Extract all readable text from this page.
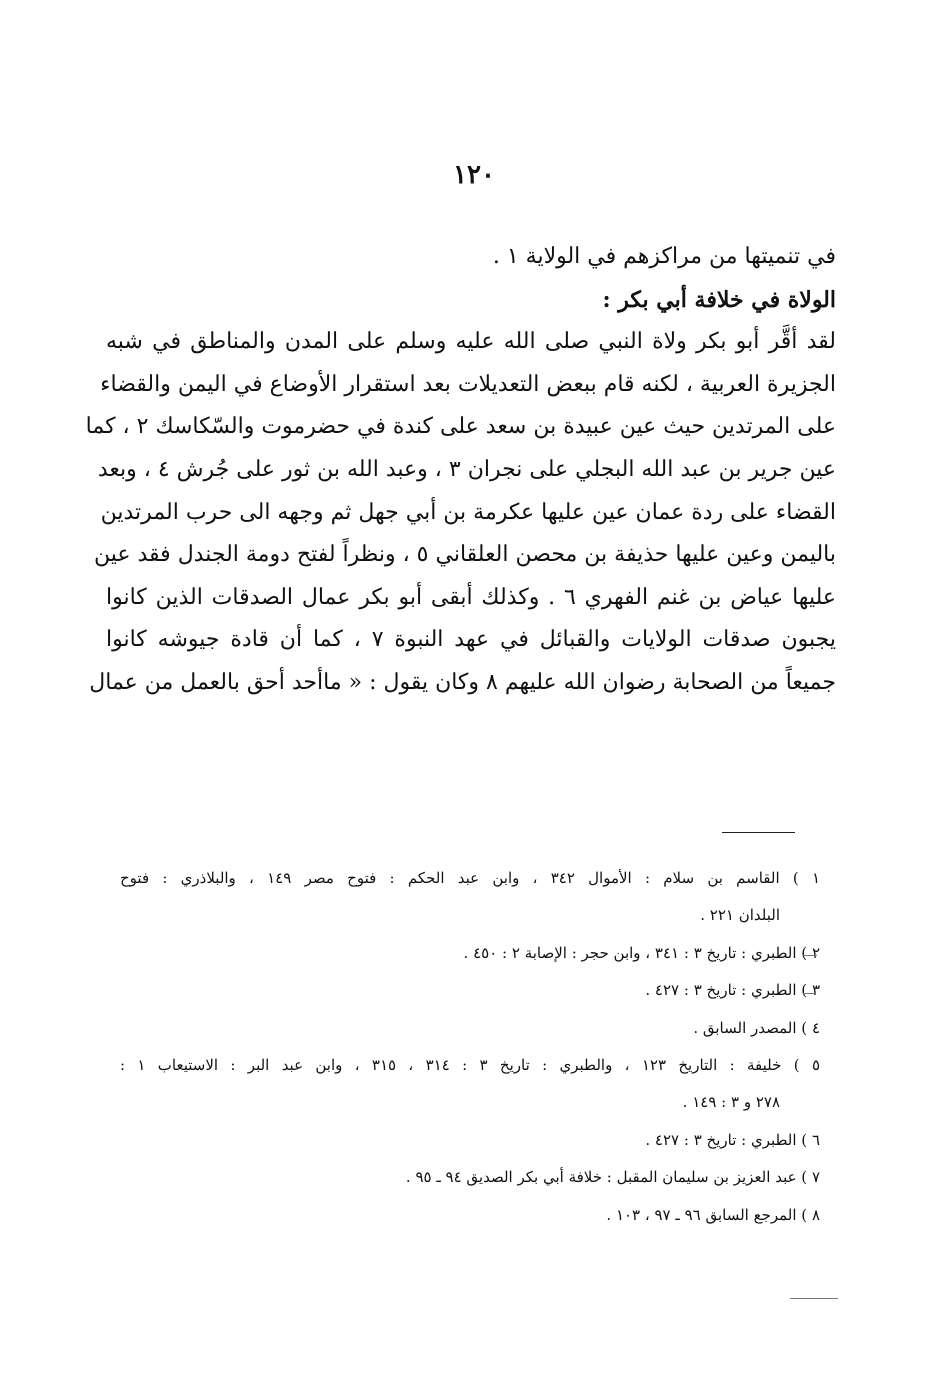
١٢٠
في تنميتها من مراكزهم في الولاية ١ .
الولاة في خلافة أبي بكر :
لقد أقَّر أبو بكر ولاة النبي صلى الله عليه وسلم على المدن والمناطق في شبه
الجزيرة العربية ، لكنه قام ببعض التعديلات بعد استقرار الأوضاع في اليمن والقضاء
على المرتدين حيث عين عبيدة بن سعد على كندة في حضرموت والسّكاسك ٢ ، كما
عين جرير بن عبد الله البجلي على نجران ٣ ، وعبد الله بن ثور على جُرش ٤ ، وبعد
القضاء على ردة عمان عين عليها عكرمة بن أبي جهل ثم وجهه الى حرب المرتدين
باليمن وعين عليها حذيفة بن محصن العلقاني ٥ ، ونظراً لفتح دومة الجندل فقد عين
عليها عياض بن غنم الفهري ٦ . وكذلك أبقى أبو بكر عمال الصدقات الذين كانوا
يجبون صدقات الولايات والقبائل في عهد النبوة ٧ ، كما أن قادة جيوشه كانوا
جميعاً من الصحابة رضوان الله عليهم ٨ وكان يقول : « ماأحد أحق بالعمل من عمال
١ ) القاسم بن سلام : الأموال ٣٤٢ ، وابن عبد الحكم : فتوح مصر ١٤٩ ، والبلاذري : فتوح
البلدان ٢٢١ .
٢ ) الطبري : تاريخ ٣ : ٣٤١ ، وابن حجر : الإصابة ٢ : ٤٥٠ .
٣ ) الطبري : تاريخ ٣ : ٤٢٧ .
٤ ) المصدر السابق .
٥ ) خليفة : التاريخ ١٢٣ ، والطبري : تاريخ ٣ : ٣١٤ ، ٣١٥ ، وابن عبد البر : الاستيعاب ١ :
٢٧٨ و ٣ : ١٤٩ .
٦ ) الطبري : تاريخ ٣ : ٤٢٧ .
٧ ) عبد العزيز بن سليمان المقبل : خلافة أبي بكر الصديق ٩٤ ـ ٩٥ .
٨ ) المرجع السابق ٩٦ ـ ٩٧ ، ١٠٣ .
